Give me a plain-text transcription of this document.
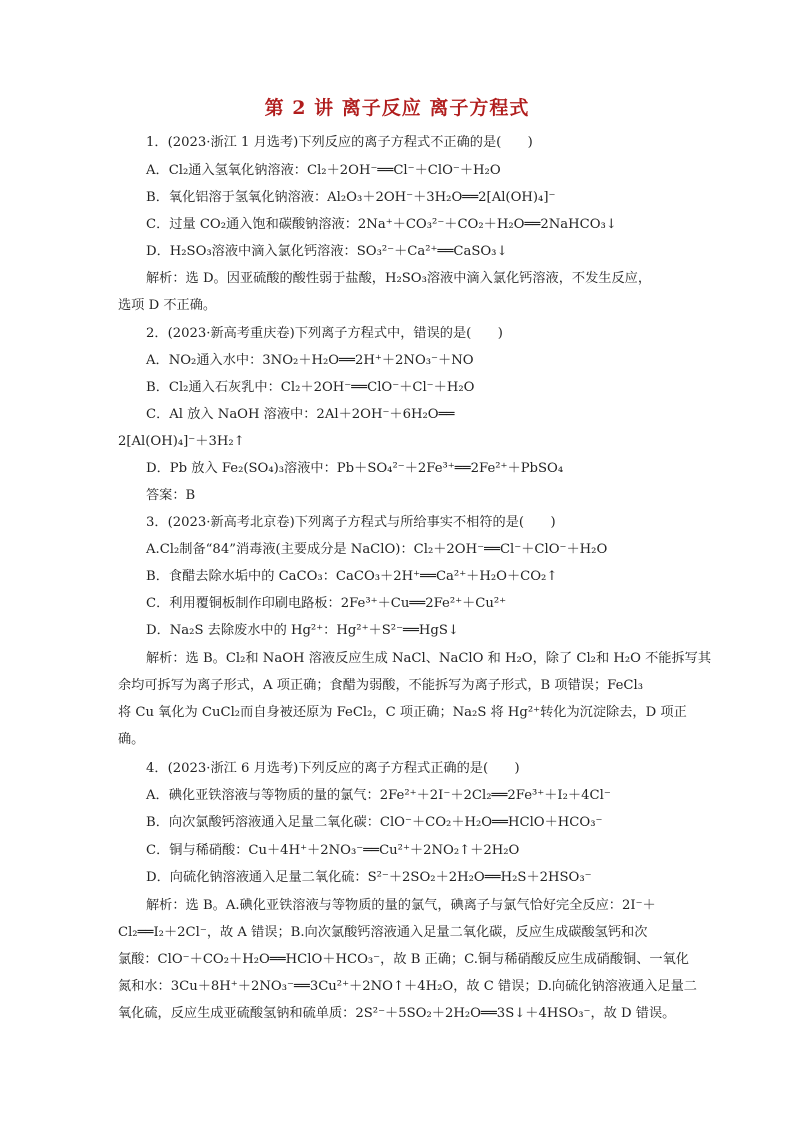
第 2 讲 离子反应 离子方程式
1．(2023·浙江 1 月选考)下列反应的离子方程式不正确的是(　　)
A．Cl₂通入氢氧化钠溶液：Cl₂＋2OH⁻══Cl⁻＋ClO⁻＋H₂O
B．氧化铝溶于氢氧化钠溶液：Al₂O₃＋2OH⁻＋3H₂O══2[Al(OH)₄]⁻
C．过量 CO₂通入饱和碳酸钠溶液：2Na⁺＋CO₃²⁻＋CO₂＋H₂O══2NaHCO₃↓
D．H₂SO₃溶液中滴入氯化钙溶液：SO₃²⁻＋Ca²⁺══CaSO₃↓
解析：选 D。因亚硫酸的酸性弱于盐酸，H₂SO₃溶液中滴入氯化钙溶液，不发生反应，
选项 D 不正确。
2．(2023·新高考重庆卷)下列离子方程式中，错误的是(　　)
A．NO₂通入水中：3NO₂＋H₂O══2H⁺＋2NO₃⁻＋NO
B．Cl₂通入石灰乳中：Cl₂＋2OH⁻══ClO⁻＋Cl⁻＋H₂O
C．Al 放入 NaOH 溶液中：2Al＋2OH⁻＋6H₂O══
2[Al(OH)₄]⁻＋3H₂↑
D．Pb 放入 Fe₂(SO₄)₃溶液中：Pb＋SO₄²⁻＋2Fe³⁺══2Fe²⁺＋PbSO₄
答案：B
3．(2023·新高考北京卷)下列离子方程式与所给事实不相符的是(　　)
A.Cl₂制备“84”消毒液(主要成分是 NaClO)：Cl₂＋2OH⁻══Cl⁻＋ClO⁻＋H₂O
B．食醋去除水垢中的 CaCO₃：CaCO₃＋2H⁺══Ca²⁺＋H₂O＋CO₂↑
C．利用覆铜板制作印刷电路板：2Fe³⁺＋Cu══2Fe²⁺＋Cu²⁺
D．Na₂S 去除废水中的 Hg²⁺：Hg²⁺＋S²⁻══HgS↓
解析：选 B。Cl₂和 NaOH 溶液反应生成 NaCl、NaClO 和 H₂O，除了 Cl₂和 H₂O 不能拆写其
余均可拆写为离子形式，A 项正确；食醋为弱酸，不能拆写为离子形式，B 项错误；FeCl₃
将 Cu 氧化为 CuCl₂而自身被还原为 FeCl₂，C 项正确；Na₂S 将 Hg²⁺转化为沉淀除去，D 项正
确。
4．(2023·浙江 6 月选考)下列反应的离子方程式正确的是(　　)
A．碘化亚铁溶液与等物质的量的氯气：2Fe²⁺＋2I⁻＋2Cl₂══2Fe³⁺＋I₂＋4Cl⁻
B．向次氯酸钙溶液通入足量二氧化碳：ClO⁻＋CO₂＋H₂O══HClO＋HCO₃⁻
C．铜与稀硝酸：Cu＋4H⁺＋2NO₃⁻══Cu²⁺＋2NO₂↑＋2H₂O
D．向硫化钠溶液通入足量二氧化硫：S²⁻＋2SO₂＋2H₂O══H₂S＋2HSO₃⁻
解析：选 B。A.碘化亚铁溶液与等物质的量的氯气，碘离子与氯气恰好完全反应：2I⁻＋
Cl₂══I₂＋2Cl⁻，故 A 错误；B.向次氯酸钙溶液通入足量二氧化碳，反应生成碳酸氢钙和次
氯酸：ClO⁻＋CO₂＋H₂O══HClO＋HCO₃⁻，故 B 正确；C.铜与稀硝酸反应生成硝酸铜、一氧化
氮和水：3Cu＋8H⁺＋2NO₃⁻══3Cu²⁺＋2NO↑＋4H₂O，故 C 错误；D.向硫化钠溶液通入足量二
氧化硫，反应生成亚硫酸氢钠和硫单质：2S²⁻＋5SO₂＋2H₂O══3S↓＋4HSO₃⁻，故 D 错误。
